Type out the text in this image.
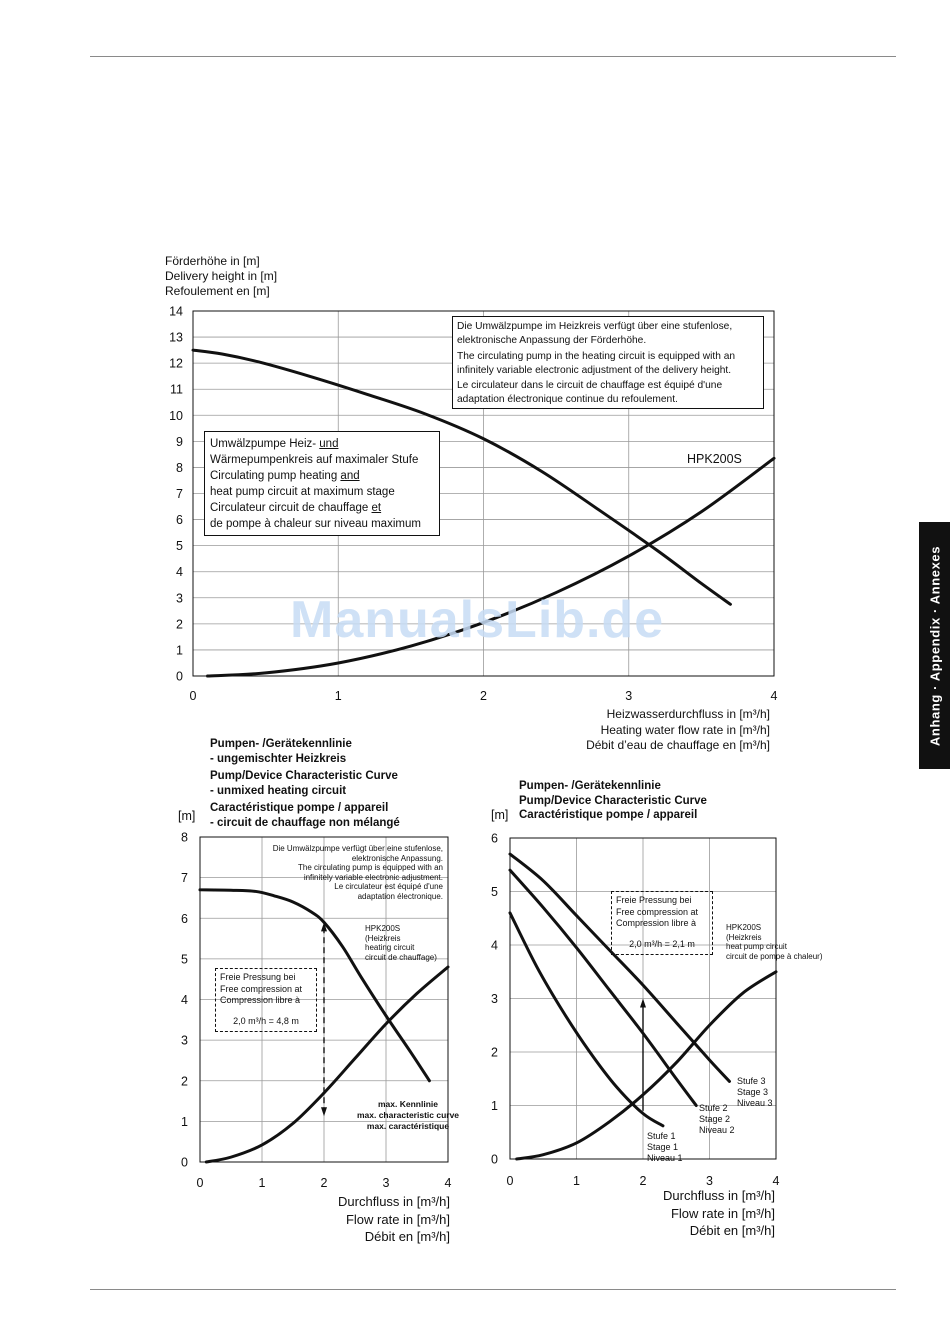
Anhang · Appendix · Annexes
Förderhöhe in [m]
Delivery height in [m]
Refoulement en [m]
Heizwasserdurchfluss in [m³/h]
Heating water flow rate in [m³/h]
Débit d’eau de chauffage en [m³/h]
0
1
2
3
4
5
6
7
8
9
10
11
12
13
14
0	1	2	3	4
0
1
2
3
4
5
6
7
8
0	1	2	3	4
0
1
2
3
4
5
6
0	1	2	3	4
ManualsLib.de

Die Umwälzpumpe im Heizkreis verfügt über eine stufenlose, elektronische Anpassung der Förderhöhe.

The circulating pump in the heating circuit is equipped with an infinitely variable electronic adjustment of the delivery height.

Le circulateur dans le circuit de chauffage est équipé d'une adaptation électronique continue du refoulement.

Umwälzpumpe Heiz- und
Wärmepumpenkreis auf maximaler Stufe
Circulating pump heating and
heat pump circuit at maximum stage
Circulateur circuit de chauffage et
de pompe à chaleur sur niveau maximum
HPK200S
Pumpen- /Gerätekennlinie
- ungemischter Heizkreis
Pump/Device Characteristic Curve
- unmixed heating circuit
Caractéristique pompe / appareil
- circuit de chauffage non mélangé
[m]
Die Umwälzpumpe verfügt über eine stufenlose,
elektronische Anpassung.
The circulating pump is equipped with an
infinitely variable electronic adjustment.
Le circulateur est équipé d'une
adaptation électronique.
HPK200S
(Heizkreis
heating circuit
circuit de chauffage)
Freie Pressung bei
Free compression at
Compression libre à
2,0 m³/h = 4,8 m
max. Kennlinie
max. characteristic curve
max. caractéristique
Durchfluss in [m³/h]
Flow rate in [m³/h]
Débit en [m³/h]
Pumpen- /Gerätekennlinie
Pump/Device Characteristic Curve
Caractéristique pompe / appareil
[m]
Freie Pressung bei
Free compression at
Compression libre à
2,0 m³/h = 2,1 m
HPK200S
(Heizkreis
heat pump circuit
circuit de pompe à chaleur)
Stufe 3
Stage 3
Niveau 3
Stufe 2
Stage 2
Niveau 2
Stufe 1
Stage 1
Niveau 1
Durchfluss in [m³/h]
Flow rate in [m³/h]
Débit en [m³/h]
